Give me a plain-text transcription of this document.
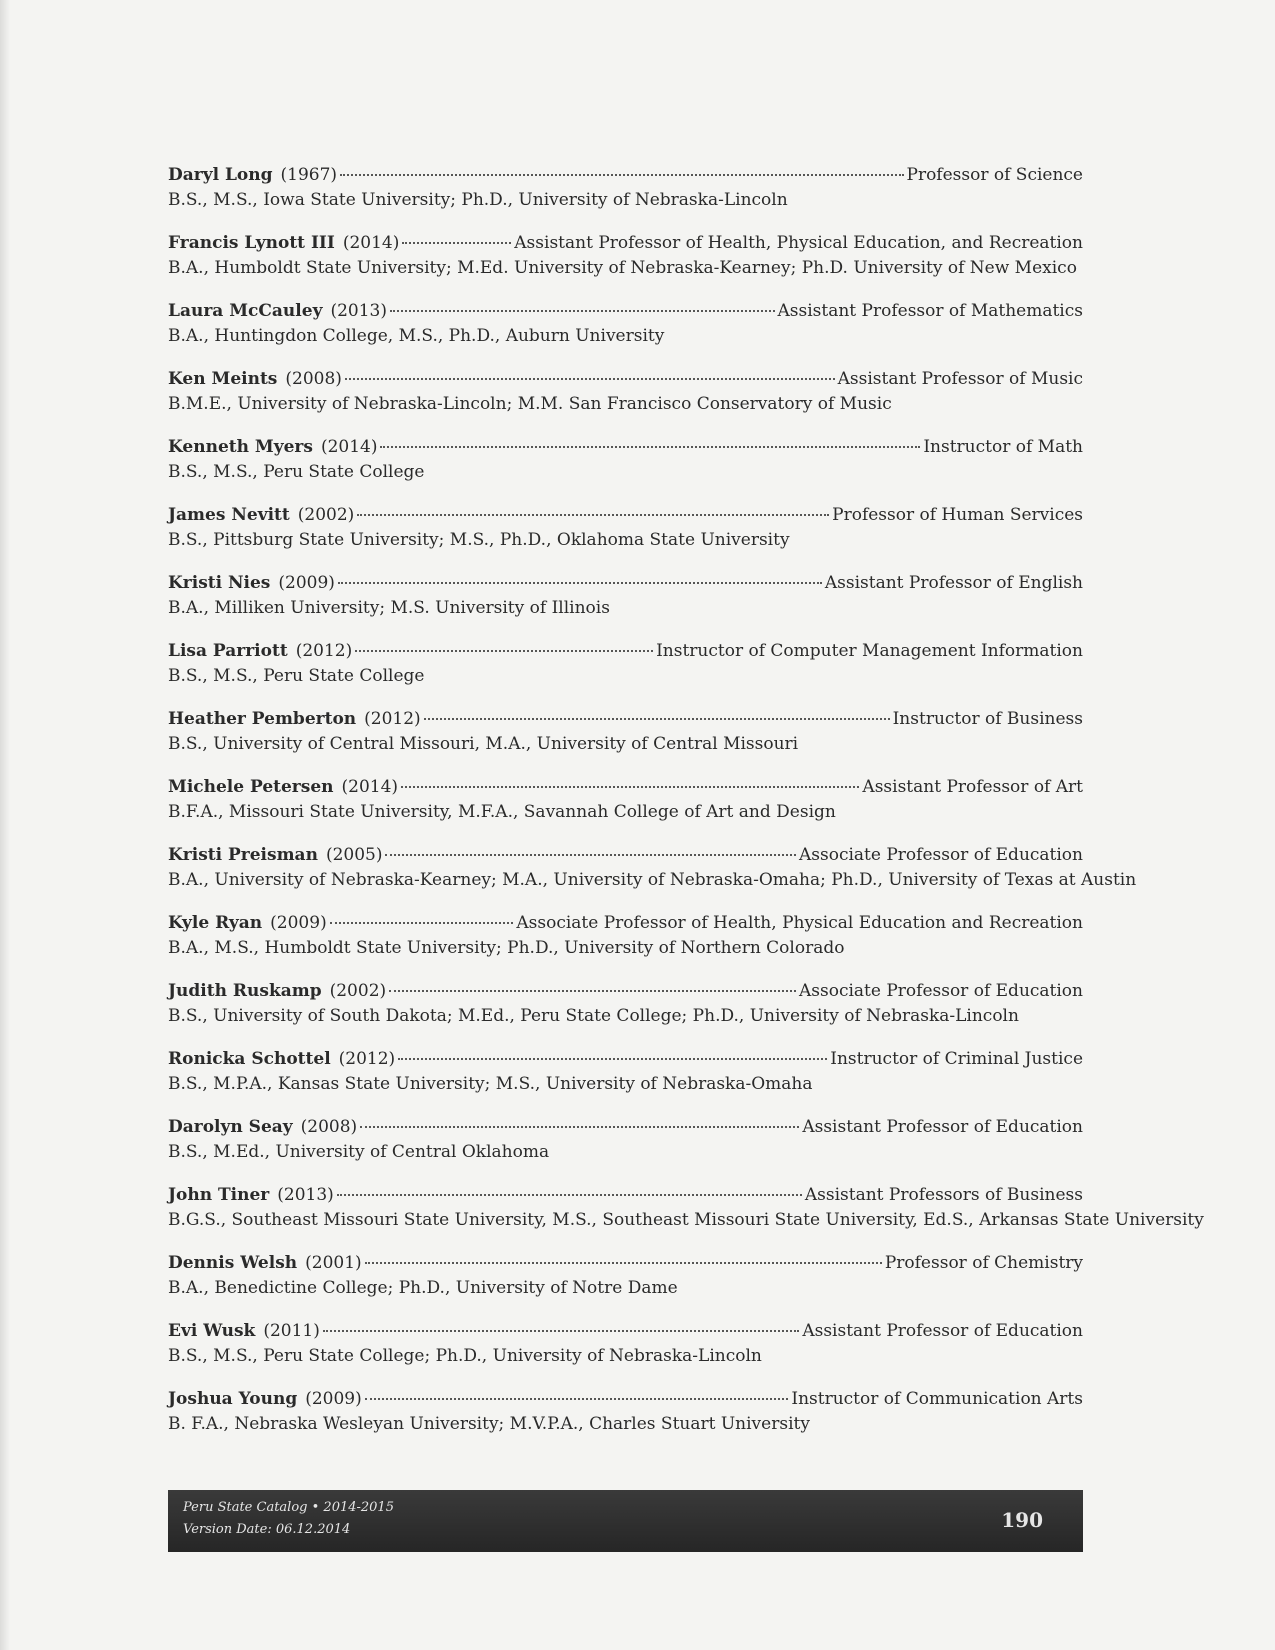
Daryl Long (1967)	Professor of Science
B.S., M.S., Iowa State University; Ph.D., University of Nebraska-Lincoln
Francis Lynott III (2014)	Assistant Professor of Health, Physical Education, and Recreation
B.A., Humboldt State University; M.Ed. University of Nebraska-Kearney; Ph.D. University of New Mexico
Laura McCauley (2013)	Assistant Professor of Mathematics
B.A., Huntingdon College, M.S., Ph.D., Auburn University
Ken Meints (2008)	Assistant Professor of Music
B.M.E., University of Nebraska-Lincoln; M.M. San Francisco Conservatory of Music
Kenneth Myers (2014)	Instructor of Math
B.S., M.S., Peru State College
James Nevitt (2002)	Professor of Human Services
B.S., Pittsburg State University; M.S., Ph.D., Oklahoma State University
Kristi Nies (2009)	Assistant Professor of English
B.A., Milliken University; M.S. University of Illinois
Lisa Parriott (2012)	Instructor of Computer Management Information
B.S., M.S., Peru State College
Heather Pemberton (2012)	Instructor of Business
B.S., University of Central Missouri, M.A., University of Central Missouri
Michele Petersen (2014)	Assistant Professor of Art
B.F.A., Missouri State University, M.F.A., Savannah College of Art and Design
Kristi Preisman (2005)	Associate Professor of Education
B.A., University of Nebraska-Kearney; M.A., University of Nebraska-Omaha; Ph.D., University of Texas at Austin
Kyle Ryan (2009)	Associate Professor of Health, Physical Education and Recreation
B.A., M.S., Humboldt State University; Ph.D., University of Northern Colorado
Judith Ruskamp (2002)	Associate Professor of Education
B.S., University of South Dakota; M.Ed., Peru State College; Ph.D., University of Nebraska-Lincoln
Ronicka Schottel (2012)	Instructor of Criminal Justice
B.S., M.P.A., Kansas State University; M.S., University of Nebraska-Omaha
Darolyn Seay (2008)	Assistant Professor of Education
B.S., M.Ed., University of Central Oklahoma
John Tiner (2013)	Assistant Professors of Business
B.G.S., Southeast Missouri State University, M.S., Southeast Missouri State University, Ed.S., Arkansas State University
Dennis Welsh (2001)	Professor of Chemistry
B.A., Benedictine College; Ph.D., University of Notre Dame
Evi Wusk (2011)	Assistant Professor of Education
B.S., M.S., Peru State College; Ph.D., University of Nebraska-Lincoln
Joshua Young (2009)	Instructor of Communication Arts
B. F.A., Nebraska Wesleyan University; M.V.P.A., Charles Stuart University
Peru State Catalog • 2014-2015
Version Date: 06.12.2014	190
